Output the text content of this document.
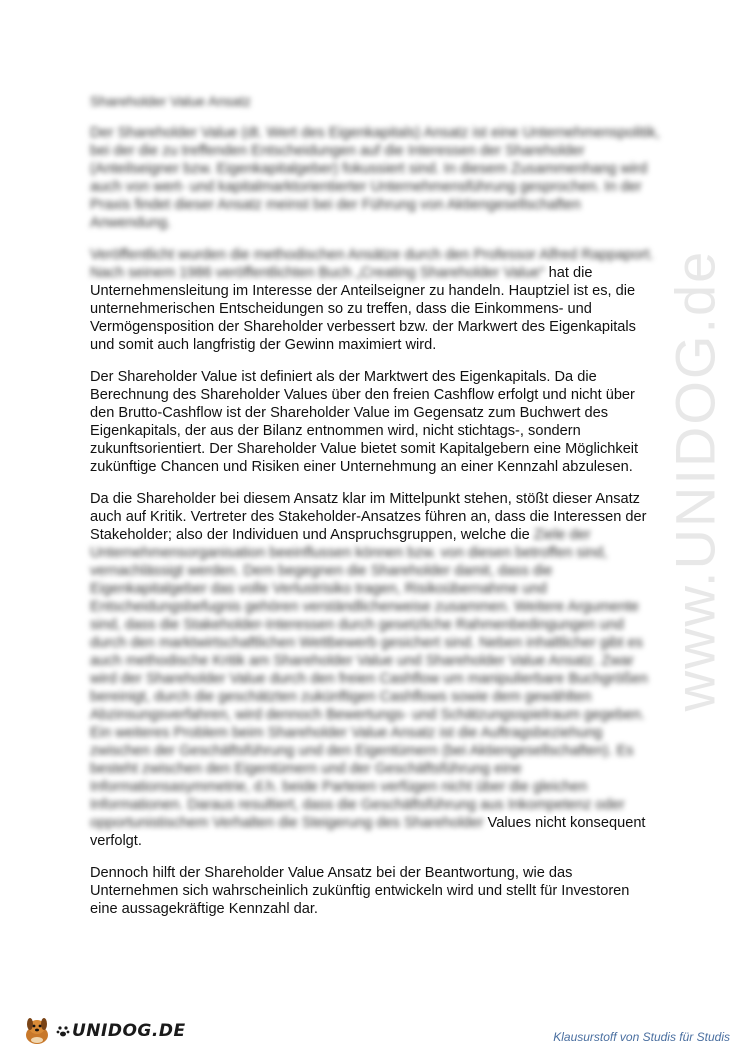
www.UNIDOG.de
Shareholder Value Ansatz

Der Shareholder Value (dt. Wert des Eigenkapitals) Ansatz ist eine Unternehmenspolitik, bei der die zu treffenden Entscheidungen auf die Interessen der Shareholder (Anteilseigner bzw. Eigenkapitalgeber) fokussiert sind. In diesem Zusammenhang wird auch von wert- und kapitalmarktorientierter Unternehmensführung gesprochen. In der Praxis findet dieser Ansatz meinst bei der Führung von Aktiengesellschaften Anwendung.

Veröffentlicht wurden die methodischen Ansätze durch den Professor Alfred Rappaport. Nach seinem 1986 veröffentlichten Buch „Creating Shareholder Value“ hat die Unternehmensleitung im Interesse der Anteilseigner zu handeln. Hauptziel ist es, die unternehmerischen Entscheidungen so zu treffen, dass die Einkommens- und Vermögensposition der Shareholder verbessert bzw. der Markwert des Eigenkapitals und somit auch langfristig der Gewinn maximiert wird.

Der Shareholder Value ist definiert als der Marktwert des Eigenkapitals. Da die Berechnung des Shareholder Values über den freien Cashflow erfolgt und nicht über den Brutto-Cashflow ist der Shareholder Value im Gegensatz zum Buchwert des Eigenkapitals, der aus der Bilanz entnommen wird, nicht stichtags-, sondern zukunftsorientiert. Der Shareholder Value bietet somit Kapitalgebern eine Möglichkeit zukünftige Chancen und Risiken einer Unternehmung an einer Kennzahl abzulesen.

Da die Shareholder bei diesem Ansatz klar im Mittelpunkt stehen, stößt dieser Ansatz auch auf Kritik. Vertreter des Stakeholder-Ansatzes führen an, dass die Interessen der Stakeholder; also der Individuen und Anspruchsgruppen, welche die Ziele der Unternehmensorganisation beeinflussen können bzw. von diesen betroffen sind, vernachlässigt werden. Dem begegnen die Shareholder damit, dass die Eigenkapitalgeber das volle Verlustrisiko tragen, Risikoübernahme und Entscheidungsbefugnis gehören verständlicherweise zusammen. Weitere Argumente sind, dass die Stakeholder-Interessen durch gesetzliche Rahmenbedingungen und durch den marktwirtschaftlichen Wettbewerb gesichert sind. Neben inhaltlicher gibt es auch methodische Kritik am Shareholder Value und Shareholder Value Ansatz. Zwar wird der Shareholder Value durch den freien Cashflow um manipulierbare Buchgrößen bereinigt, durch die geschätzten zukünftigen Cashflows sowie dem gewählten Abzinsungsverfahren, wird dennoch Bewertungs- und Schätzungsspielraum gegeben. Ein weiteres Problem beim Shareholder Value Ansatz ist die Auftragsbeziehung zwischen der Geschäftsführung und den Eigentümern (bei Aktiengesellschaften). Es besteht zwischen den Eigentümern und der Geschäftsführung eine Informationsasymmetrie, d.h. beide Parteien verfügen nicht über die gleichen Informationen. Daraus resultiert, dass die Geschäftsführung aus Inkompetenz oder opportunistischem Verhalten die Steigerung des Shareholder Values nicht konsequent verfolgt.

Dennoch hilft der Shareholder Value Ansatz bei der Beantwortung, wie das Unternehmen sich wahrscheinlich zukünftig entwickeln wird und stellt für Investoren eine aussagekräftige Kennzahl dar.

UNIDOG.DE	Klausurstoff von Studis für Studis
